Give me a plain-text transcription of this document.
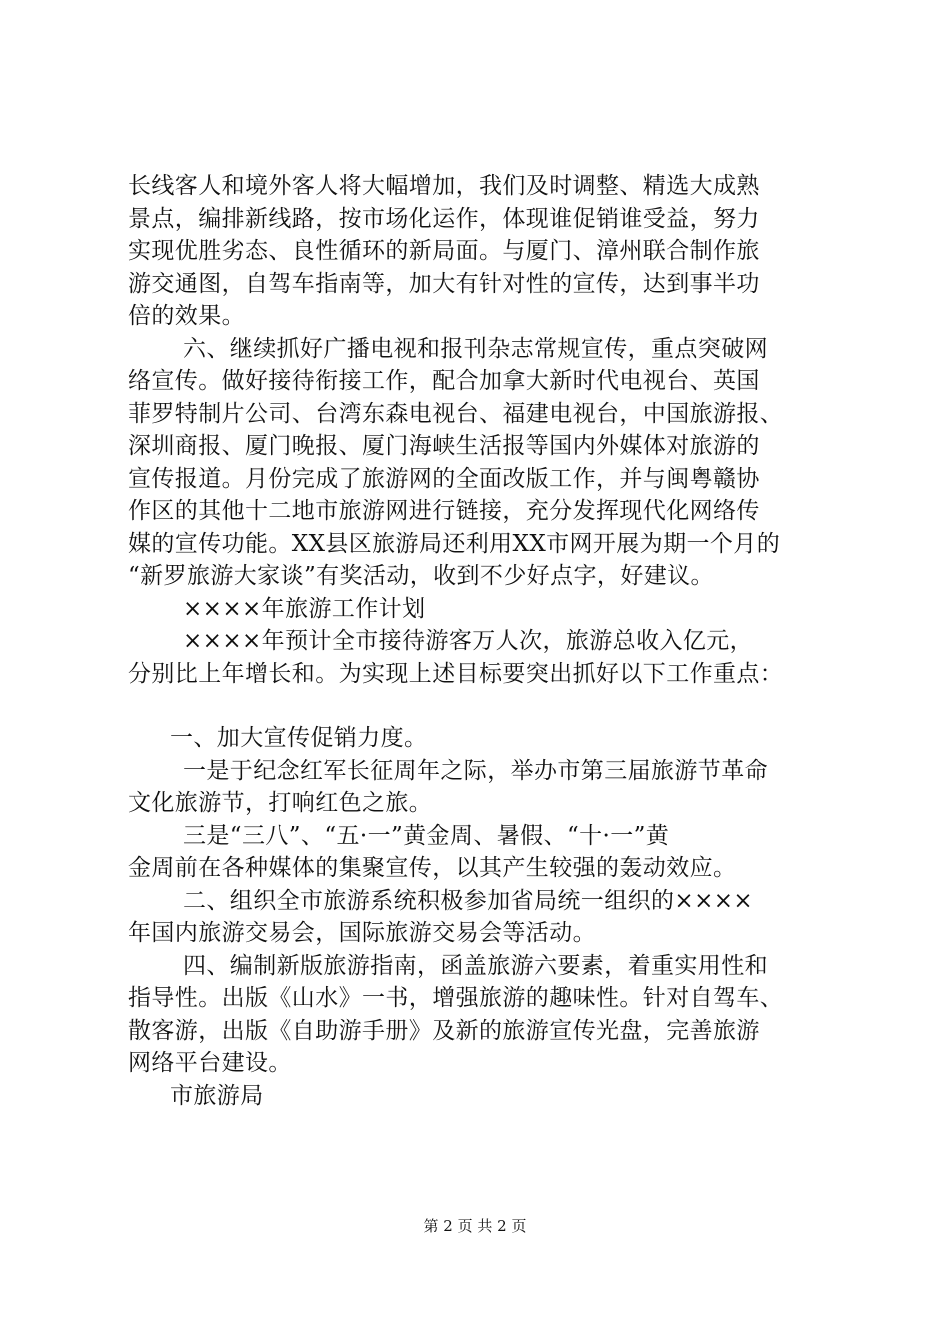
长线客人和境外客人将大幅增加，我们及时调整、精选大成熟
景点，编排新线路，按市场化运作，体现谁促销谁受益，努力
实现优胜劣态、良性循环的新局面。与厦门、漳州联合制作旅
游交通图，自驾车指南等，加大有针对性的宣传，达到事半功
倍的效果。
六、继续抓好广播电视和报刊杂志常规宣传，重点突破网
络宣传。做好接待衔接工作，配合加拿大新时代电视台、英国
菲罗特制片公司、台湾东森电视台、福建电视台，中国旅游报、
深圳商报、厦门晚报、厦门海峡生活报等国内外媒体对旅游的
宣传报道。月份完成了旅游网的全面改版工作，并与闽粤赣协
作区的其他十二地市旅游网进行链接，充分发挥现代化网络传
媒的宣传功能。XX县区旅游局还利用XX市网开展为期一个月的
“新罗旅游大家谈”有奖活动，收到不少好点字，好建议。
××××年旅游工作计划
××××年预计全市接待游客万人次，旅游总收入亿元，
分别比上年增长和。为实现上述目标要突出抓好以下工作重点：
一、加大宣传促销力度。
一是于纪念红军长征周年之际，举办市第三届旅游节革命
文化旅游节，打响红色之旅。
三是“三八”、“五·一”黄金周、暑假、“十·一”黄
金周前在各种媒体的集聚宣传，以其产生较强的轰动效应。
二、组织全市旅游系统积极参加省局统一组织的××××
年国内旅游交易会，国际旅游交易会等活动。
四、编制新版旅游指南，函盖旅游六要素，着重实用性和
指导性。出版《山水》一书，增强旅游的趣味性。针对自驾车、
散客游，出版《自助游手册》及新的旅游宣传光盘，完善旅游
网络平台建设。
市旅游局
第 2 页 共 2 页
